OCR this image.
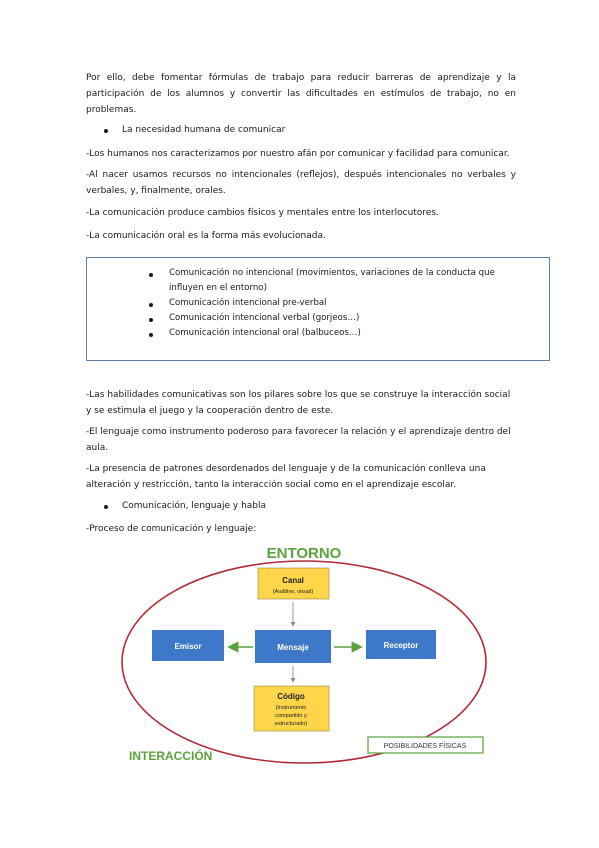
Por ello, debe fomentar fórmulas de trabajo para reducir barreras de aprendizaje y la participación de los alumnos y convertir las dificultades en estímulos de trabajo, no en problemas.

La necesidad humana de comunicar

-Los humanos nos caracterizamos por nuestro afán por comunicar y facilidad para comunicar.

-Al nacer usamos recursos no intencionales (reflejos), después intencionales no verbales y verbales, y, finalmente, orales.

-La comunicación produce cambios físicos y mentales entre los interlocutores.

-La comunicación oral es la forma más evolucionada.

Comunicación no intencional (movimientos, variaciones de la conducta que influyen en el entorno)
Comunicación intencional pre-verbal
Comunicación intencional verbal (gorjeos…)
Comunicación intencional oral (balbuceos…)

-Las habilidades comunicativas son los pilares sobre los que se construye la interacción social y se estimula el juego y la cooperación dentro de este.

-El lenguaje como instrumento poderoso para favorecer la relación y el aprendizaje dentro del aula.

-La presencia de patrones desordenados del lenguaje y de la comunicación conlleva una alteración y restricción, tanto la interacción social como en el aprendizaje escolar.

Comunicación, lenguaje y habla

-Proceso de comunicación y lenguaje:

ENTORNO
Canal
(Auditivo, visual)
Emisor	Mensaje	Receptor
Código
(Instrumento
compartido y
estructurado)
INTERACCIÓN
POSIBILIDADES FÍSICAS
